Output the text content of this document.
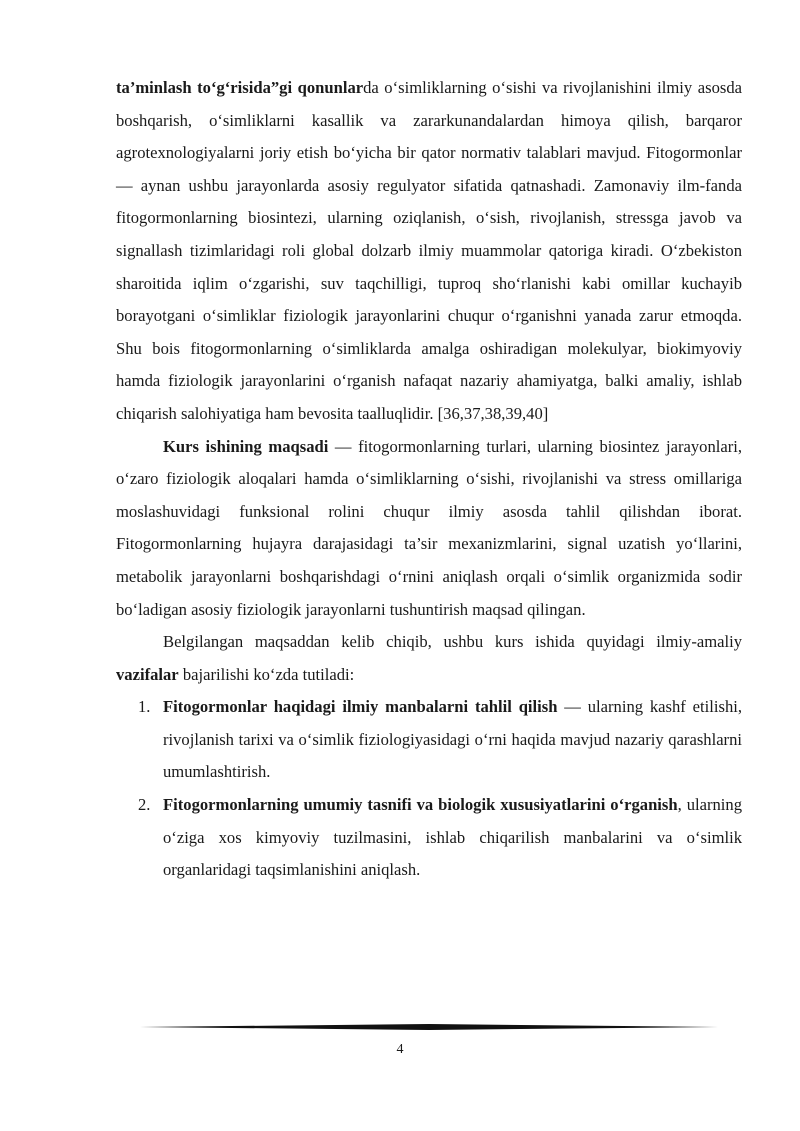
ta’minlash to‘g‘risida”gi qonunlarda o‘simliklarning o‘sishi va rivojlanishini ilmiy asosda boshqarish, o‘simliklarni kasallik va zararkunandalardan himoya qilish, barqaror agrotexnologiyalarni joriy etish bo‘yicha bir qator normativ talablari mavjud. Fitogormonlar — aynan ushbu jarayonlarda asosiy regulyator sifatida qatnashadi. Zamonaviy ilm-fanda fitogormonlarning biosintezi, ularning oziqlanish, o‘sish, rivojlanish, stressga javob va signallash tizimlaridagi roli global dolzarb ilmiy muammolar qatoriga kiradi. O‘zbekiston sharoitida iqlim o‘zgarishi, suv taqchilligi, tuproq sho‘rlanishi kabi omillar kuchayib borayotgani o‘simliklar fiziologik jarayonlarini chuqur o‘rganishni yanada zarur etmoqda. Shu bois fitogormonlarning o‘simliklarda amalga oshiradigan molekulyar, biokimyoviy hamda fiziologik jarayonlarini o‘rganish nafaqat nazariy ahamiyatga, balki amaliy, ishlab chiqarish salohiyatiga ham bevosita taalluqlidir. [36,37,38,39,40]

Kurs ishining maqsadi — fitogormonlarning turlari, ularning biosintez jarayonlari, o‘zaro fiziologik aloqalari hamda o‘simliklarning o‘sishi, rivojlanishi va stress omillariga moslashuvidagi funksional rolini chuqur ilmiy asosda tahlil qilishdan iborat. Fitogormonlarning hujayra darajasidagi ta’sir mexanizmlarini, signal uzatish yo‘llarini, metabolik jarayonlarni boshqarishdagi o‘rnini aniqlash orqali o‘simlik organizmida sodir bo‘ladigan asosiy fiziologik jarayonlarni tushuntirish maqsad qilingan.

Belgilangan maqsaddan kelib chiqib, ushbu kurs ishida quyidagi ilmiy-amaliy vazifalar bajarilishi ko‘zda tutiladi:

1. Fitogormonlar haqidagi ilmiy manbalarni tahlil qilish — ularning kashf etilishi, rivojlanish tarixi va o‘simlik fiziologiyasidagi o‘rni haqida mavjud nazariy qarashlarni umumlashtirish.
2. Fitogormonlarning umumiy tasnifi va biologik xususiyatlarini o‘rganish, ularning o‘ziga xos kimyoviy tuzilmasini, ishlab chiqarilish manbalarini va o‘simlik organlaridagi taqsimlanishini aniqlash.
4
